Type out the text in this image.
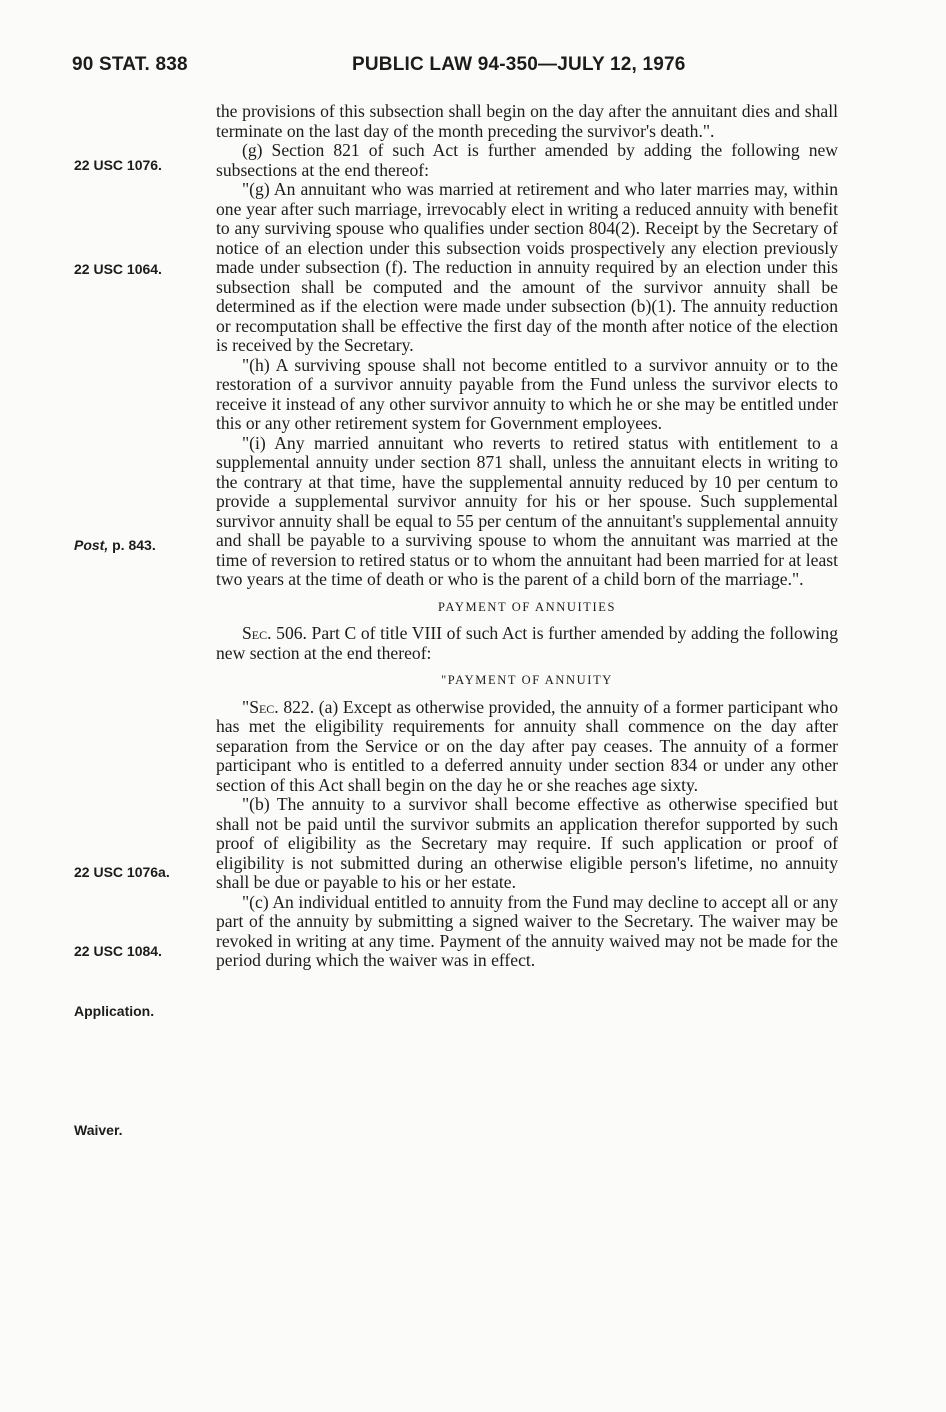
90 STAT. 838	PUBLIC LAW 94-350—JULY 12, 1976
22 USC 1076.
22 USC 1064.
Post, p. 843.
22 USC 1076a.
22 USC 1084.
Application.
Waiver.

the provisions of this subsection shall begin on the day after the annuitant dies and shall terminate on the last day of the month preceding the survivor's death.".

(g) Section 821 of such Act is further amended by adding the following new subsections at the end thereof:

"(g) An annuitant who was married at retirement and who later marries may, within one year after such marriage, irrevocably elect in writing a reduced annuity with benefit to any surviving spouse who qualifies under section 804(2). Receipt by the Secretary of notice of an election under this subsection voids prospectively any election previously made under subsection (f). The reduction in annuity required by an election under this subsection shall be computed and the amount of the survivor annuity shall be determined as if the election were made under subsection (b)(1). The annuity reduction or recomputation shall be effective the first day of the month after notice of the election is received by the Secretary.

"(h) A surviving spouse shall not become entitled to a survivor annuity or to the restoration of a survivor annuity payable from the Fund unless the survivor elects to receive it instead of any other survivor annuity to which he or she may be entitled under this or any other retirement system for Government employees.

"(i) Any married annuitant who reverts to retired status with entitlement to a supplemental annuity under section 871 shall, unless the annuitant elects in writing to the contrary at that time, have the supplemental annuity reduced by 10 per centum to provide a supplemental survivor annuity for his or her spouse. Such supplemental survivor annuity shall be equal to 55 per centum of the annuitant's supplemental annuity and shall be payable to a surviving spouse to whom the annuitant was married at the time of reversion to retired status or to whom the annuitant had been married for at least two years at the time of death or who is the parent of a child born of the marriage.".

PAYMENT OF ANNUITIES

Sec. 506. Part C of title VIII of such Act is further amended by adding the following new section at the end thereof:

"PAYMENT OF ANNUITY

"Sec. 822. (a) Except as otherwise provided, the annuity of a former participant who has met the eligibility requirements for annuity shall commence on the day after separation from the Service or on the day after pay ceases. The annuity of a former participant who is entitled to a deferred annuity under section 834 or under any other section of this Act shall begin on the day he or she reaches age sixty.

"(b) The annuity to a survivor shall become effective as otherwise specified but shall not be paid until the survivor submits an application therefor supported by such proof of eligibility as the Secretary may require. If such application or proof of eligibility is not submitted during an otherwise eligible person's lifetime, no annuity shall be due or payable to his or her estate.

"(c) An individual entitled to annuity from the Fund may decline to accept all or any part of the annuity by submitting a signed waiver to the Secretary. The waiver may be revoked in writing at any time. Payment of the annuity waived may not be made for the period during which the waiver was in effect.
